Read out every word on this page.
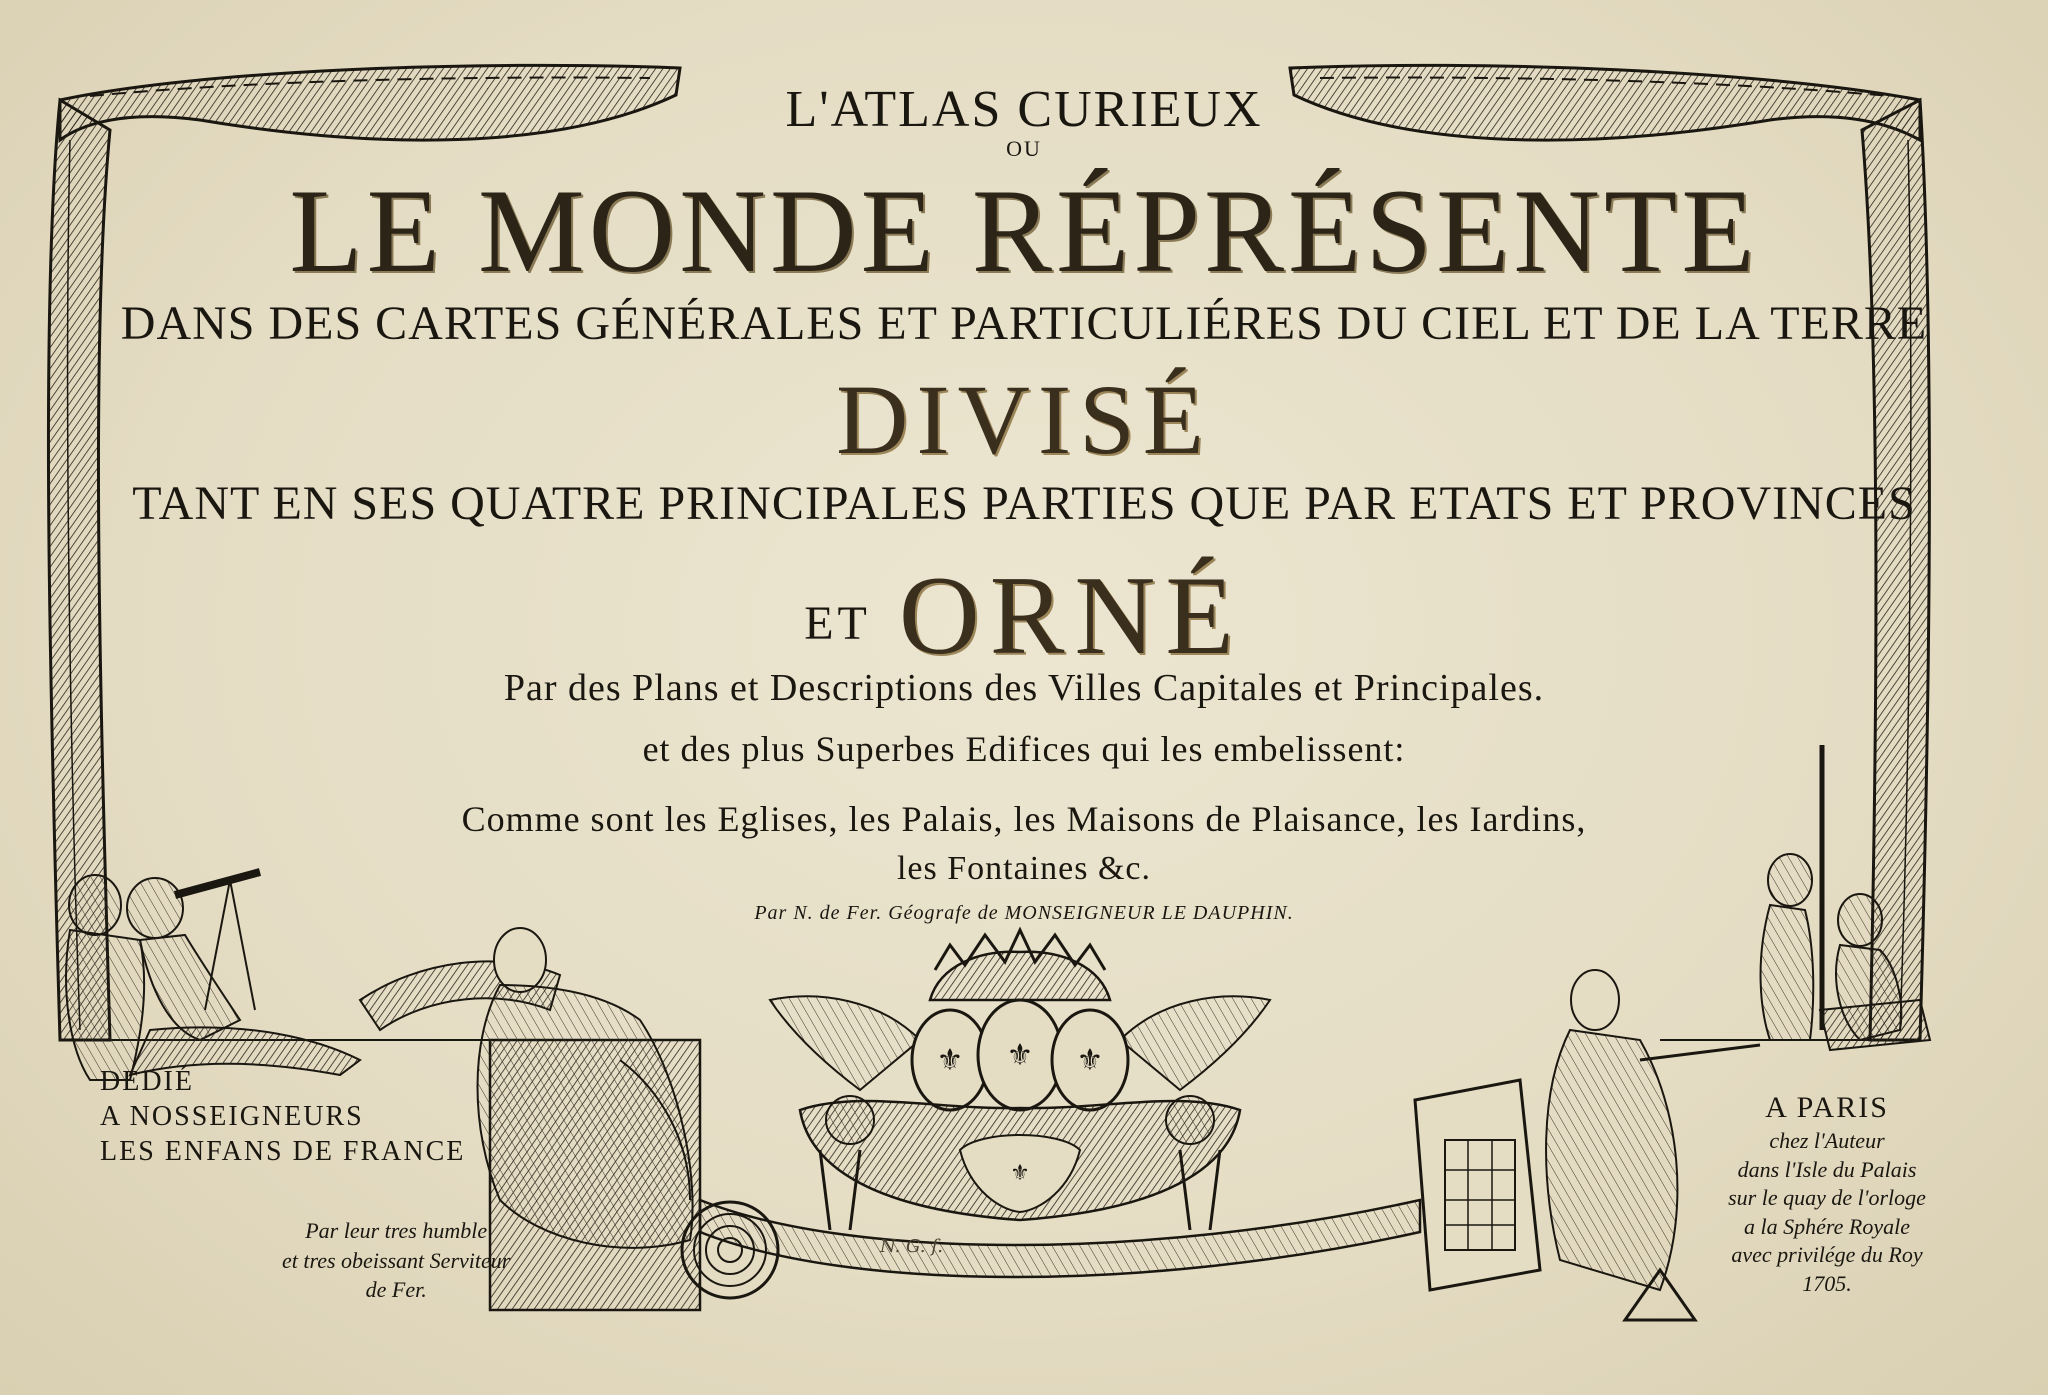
⚜ ⚜ ⚜
⚜
L'ATLAS CURIEUX
OU
LE MONDE RÉPRÉSENTE
DANS DES CARTES GÉNÉRALES ET PARTICULIÉRES DU CIEL ET DE LA TERRE
DIVISÉ
TANT EN SES QUATRE PRINCIPALES PARTIES QUE PAR ETATS ET PROVINCES
ET ORNÉ
Par des Plans et Descriptions des Villes Capitales et Principales.
et des plus Superbes Edifices qui les embelissent:
Comme sont les Eglises, les Palais, les Maisons de Plaisance, les Iardins,
les Fontaines &c.
Par N. de Fer. Géografe de MONSEIGNEUR LE DAUPHIN.
DEDIÉ
A NOSSEIGNEURS
LES ENFANS DE FRANCE
Par leur tres humble
et tres obeissant Serviteur
de Fer.
A PARIS
chez l'Auteur
dans l'Isle du Palais
sur le quay de l'orloge
a la Sphére Royale
avec privilége du Roy
1705.
N. G. f.
